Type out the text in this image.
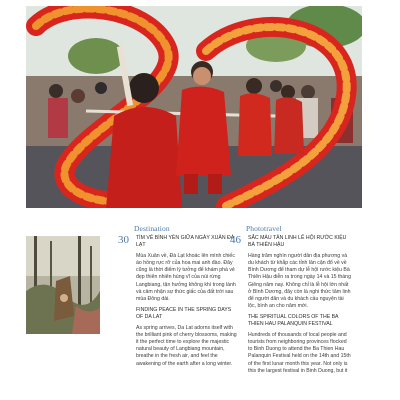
Destination
30	TÌM VẺ BÌNH YÊN GIỮA NGÀY XUÂN ĐÀ LẠT

Mùa Xuân về, Đà Lạt khoác lên mình chiếc áo hồng rực rỡ của hoa mai anh đào. Đây cũng là thời điểm lý tưởng để khám phá vẻ đẹp thiên nhiên hùng vĩ của núi rừng Langbiang, tận hưởng không khí trong lành và cảm nhận sự thức giấc của đất trời sau mùa Đông dài.

FINDING PEACE IN THE SPRING DAYS OF DA LAT

As spring arrives, Da Lat adorns itself with the brilliant pink of cherry blossoms, making it the perfect time to explore the majestic natural beauty of Langbiang mountain, breathe in the fresh air, and feel the awakening of the earth after a long winter.

Phototravel
46	SẮC MÀU TÂN LINH LỄ HỘI RƯỚC KIỆU BÀ THIÊN HẬU

Hàng trăm nghìn người dân địa phương và du khách từ khắp các tỉnh lân cận đổ về về Bình Dương để tham dự lễ hội rước kiệu Bà Thiên Hậu diễn ra trong ngày 14 và 15 tháng Giêng năm nay. Không chỉ là lễ hội lớn nhất ở Bình Dương, đây còn là nghi thức tâm linh để người dân và du khách cầu nguyện tài lộc, bình an cho năm mới.

THE SPIRITUAL COLORS OF THE BA THIEN HAU PALANQUIN FESTIVAL

Hundreds of thousands of local people and tourists from neighboring provinces flocked to Binh Duong to attend the Ba Thien Hau Palanquin Festival held on the 14th and 15th of the first lunar month this year. Not only is this the largest festival in Binh Duong, but it
